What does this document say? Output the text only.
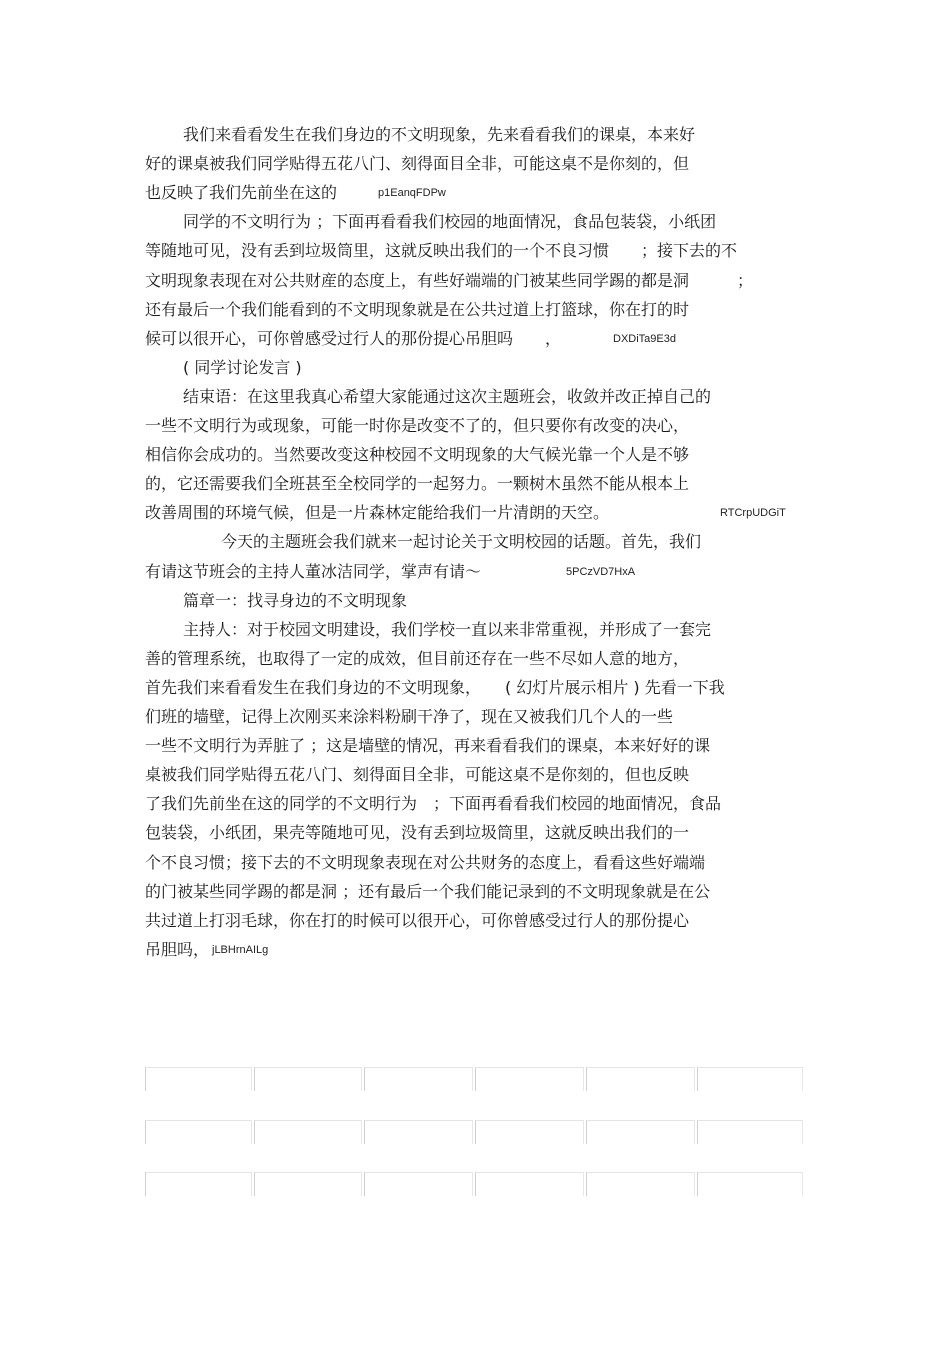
我们来看看发生在我们身边的不文明现象，先来看看我们的课桌，本来好
好的课桌被我们同学贴得五花八门、刻得面目全非，可能这桌不是你刻的，但
也反映了我们先前坐在这的	p1EanqFDPw
同学的不文明行为 ；下面再看看我们校园的地面情况，食品包装袋，小纸团
等随地可见，没有丢到垃圾筒里，这就反映出我们的一个不良习惯　　；接下去的不
文明现象表现在对公共财産的态度上，有些好端端的门被某些同学踢的都是洞　　　；
还有最后一个我们能看到的不文明现象就是在公共过道上打篮球，你在打的时
候可以很开心，可你曾感受过行人的那份提心吊胆吗　　，	DXDiTa9E3d
( 同学讨论发言 )
结束语：在这里我真心希望大家能通过这次主题班会，收敛并改正掉自己的
一些不文明行为或现象，可能一时你是改变不了的，但只要你有改变的决心，
相信你会成功的。当然要改变这种校园不文明现象的大气候光靠一个人是不够
的，它还需要我们全班甚至全校同学的一起努力。一颗树木虽然不能从根本上
改善周围的环境气候，但是一片森林定能给我们一片清朗的天空。	RTCrpUDGiT
今天的主题班会我们就来一起讨论关于文明校园的话题。首先，我们
有请这节班会的主持人董冰洁同学，掌声有请～	5PCzVD7HxA
篇章一：找寻身边的不文明现象
主持人：对于校园文明建设，我们学校一直以来非常重视，并形成了一套完
善的管理系统，也取得了一定的成效，但目前还存在一些不尽如人意的地方，
首先我们来看看发生在我们身边的不文明现象，　　( 幻灯片展示相片 ) 先看一下我
们班的墙壁，记得上次刚买来涂料粉刷干净了，现在又被我们几个人的一些
一些不文明行为弄脏了 ；这是墙壁的情况，再来看看我们的课桌，本来好好的课
桌被我们同学贴得五花八门、刻得面目全非，可能这桌不是你刻的，但也反映
了我们先前坐在这的同学的不文明行为　；下面再看看我们校园的地面情况，食品
包装袋，小纸团，果壳等随地可见，没有丢到垃圾筒里，这就反映出我们的一
个不良习惯；接下去的不文明现象表现在对公共财务的态度上，看看这些好端端
的门被某些同学踢的都是洞 ；还有最后一个我们能记录到的不文明现象就是在公
共过道上打羽毛球，你在打的时候可以很开心，可你曾感受过行人的那份提心
吊胆吗， jLBHrnAILg
